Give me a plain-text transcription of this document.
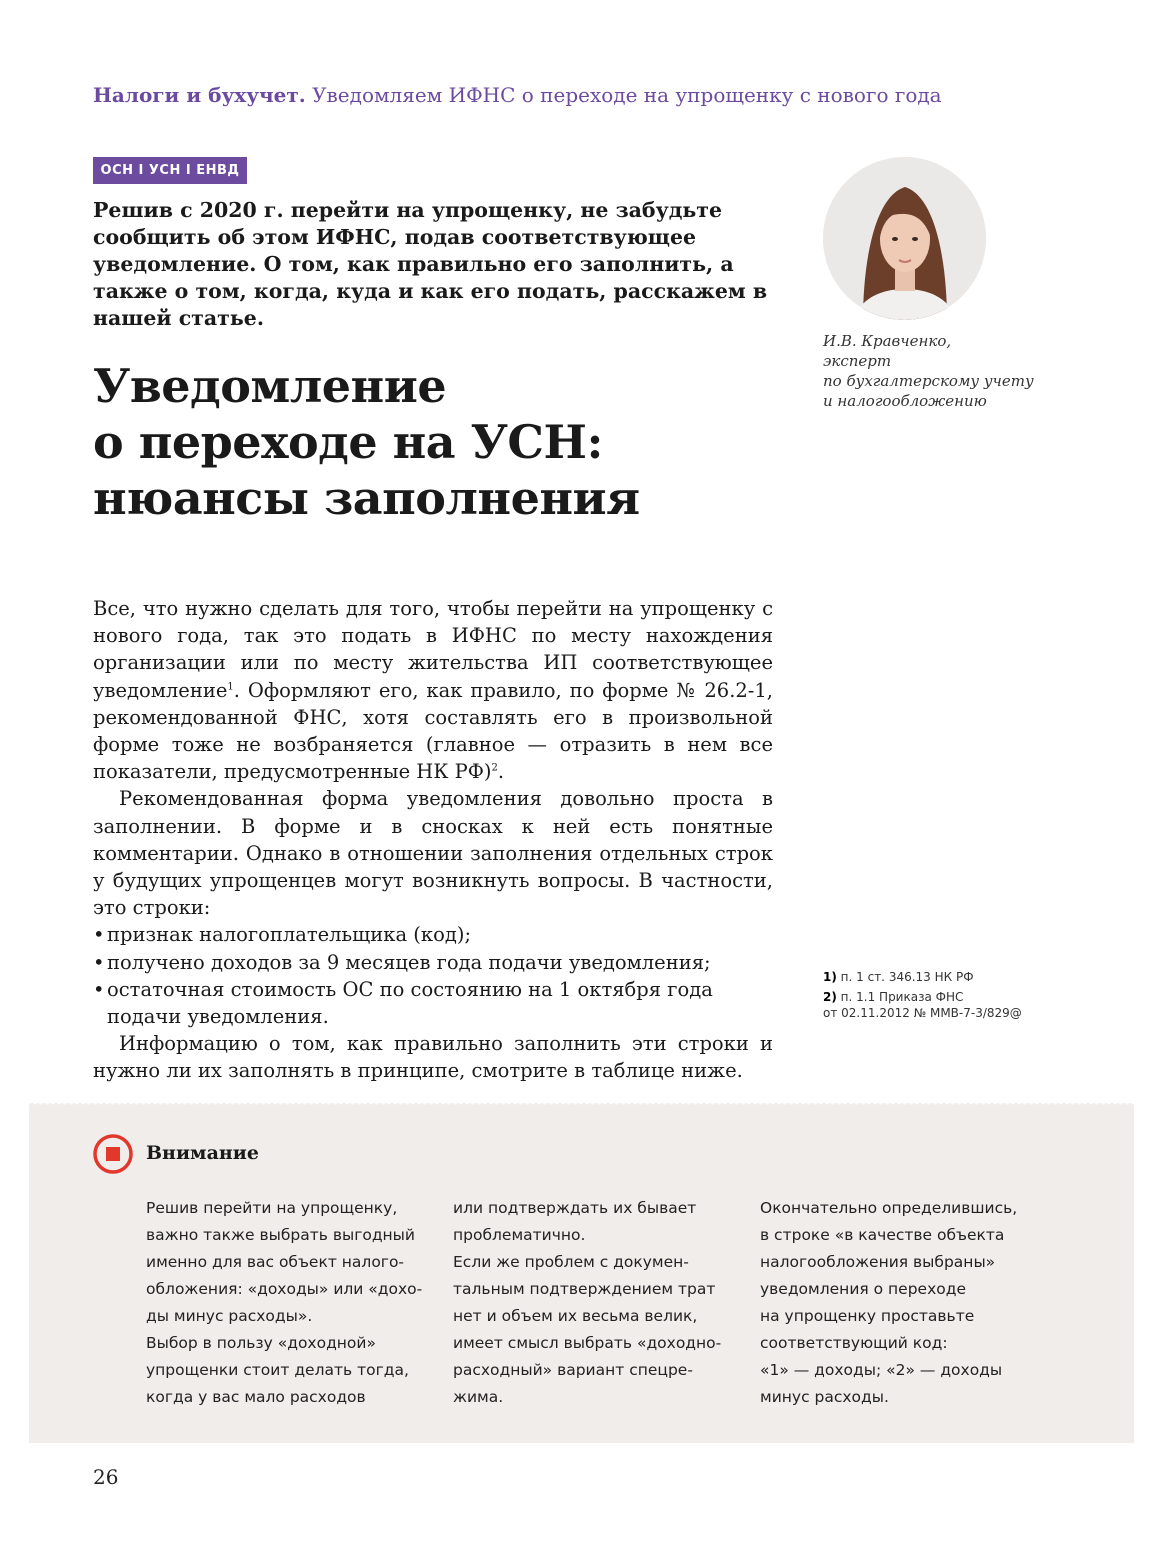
Налоги и бухучет. Уведомляем ИФНС о переходе на упрощенку с нового года
ОСН І УСН І ЕНВД

Решив с 2020 г. перейти на упрощенку, не забудьте сообщить об этом ИФНС, подав соответствующее уведомление. О том, как правильно его заполнить, а также о том, когда, куда и как его подать, расскажем в нашей статье.

И.В. Кравченко,
эксперт
по бухгалтерскому учету
и налогообложению
Уведомление
о переходе на УСН:
нюансы заполнения

Все, что нужно сделать для того, чтобы перейти на упрощенку с нового года, так это подать в ИФНС по месту нахождения организации или по месту жительства ИП соответствующее уведомление$^1$. Оформляют его, как правило, по форме № 26.2-1, рекомендованной ФНС, хотя составлять его в произвольной форме тоже не возбраняется (главное — отразить в нем все показатели, предусмотренные НК РФ)$^2$.

Рекомендованная форма уведомления довольно проста в заполнении. В форме и в сносках к ней есть понятные комментарии. Однако в отношении заполнения отдельных строк у будущих упрощенцев могут возникнуть вопросы. В частности, это строки:

• признак налогоплательщика (код);
• получено доходов за 9 месяцев года подачи уведомления;
• остаточная стоимость ОС по состоянию на 1 октября года подачи уведомления.

Информацию о том, как правильно заполнить эти строки и нужно ли их заполнять в принципе, смотрите в таблице ниже.

1) п. 1 ст. 346.13 НК РФ
2) п. 1.1 Приказа ФНС
от 02.11.2012 № ММВ-7-3/829@
Внимание
Решив перейти на упрощенку,
важно также выбрать выгодный
именно для вас объект налого-
обложения: «доходы» или «дохо-
ды минус расходы».
Выбор в пользу «доходной»
упрощенки стоит делать тогда,
когда у вас мало расходов
или подтверждать их бывает
проблематично.
Если же проблем с докумен-
тальным подтверждением трат
нет и объем их весьма велик,
имеет смысл выбрать «доходно-
расходный» вариант спецре-
жима.
Окончательно определившись,
в строке «в качестве объекта
налогообложения выбраны»
уведомления о переходе
на упрощенку проставьте
соответствующий код:
«1» — доходы; «2» — доходы
минус расходы.
26
